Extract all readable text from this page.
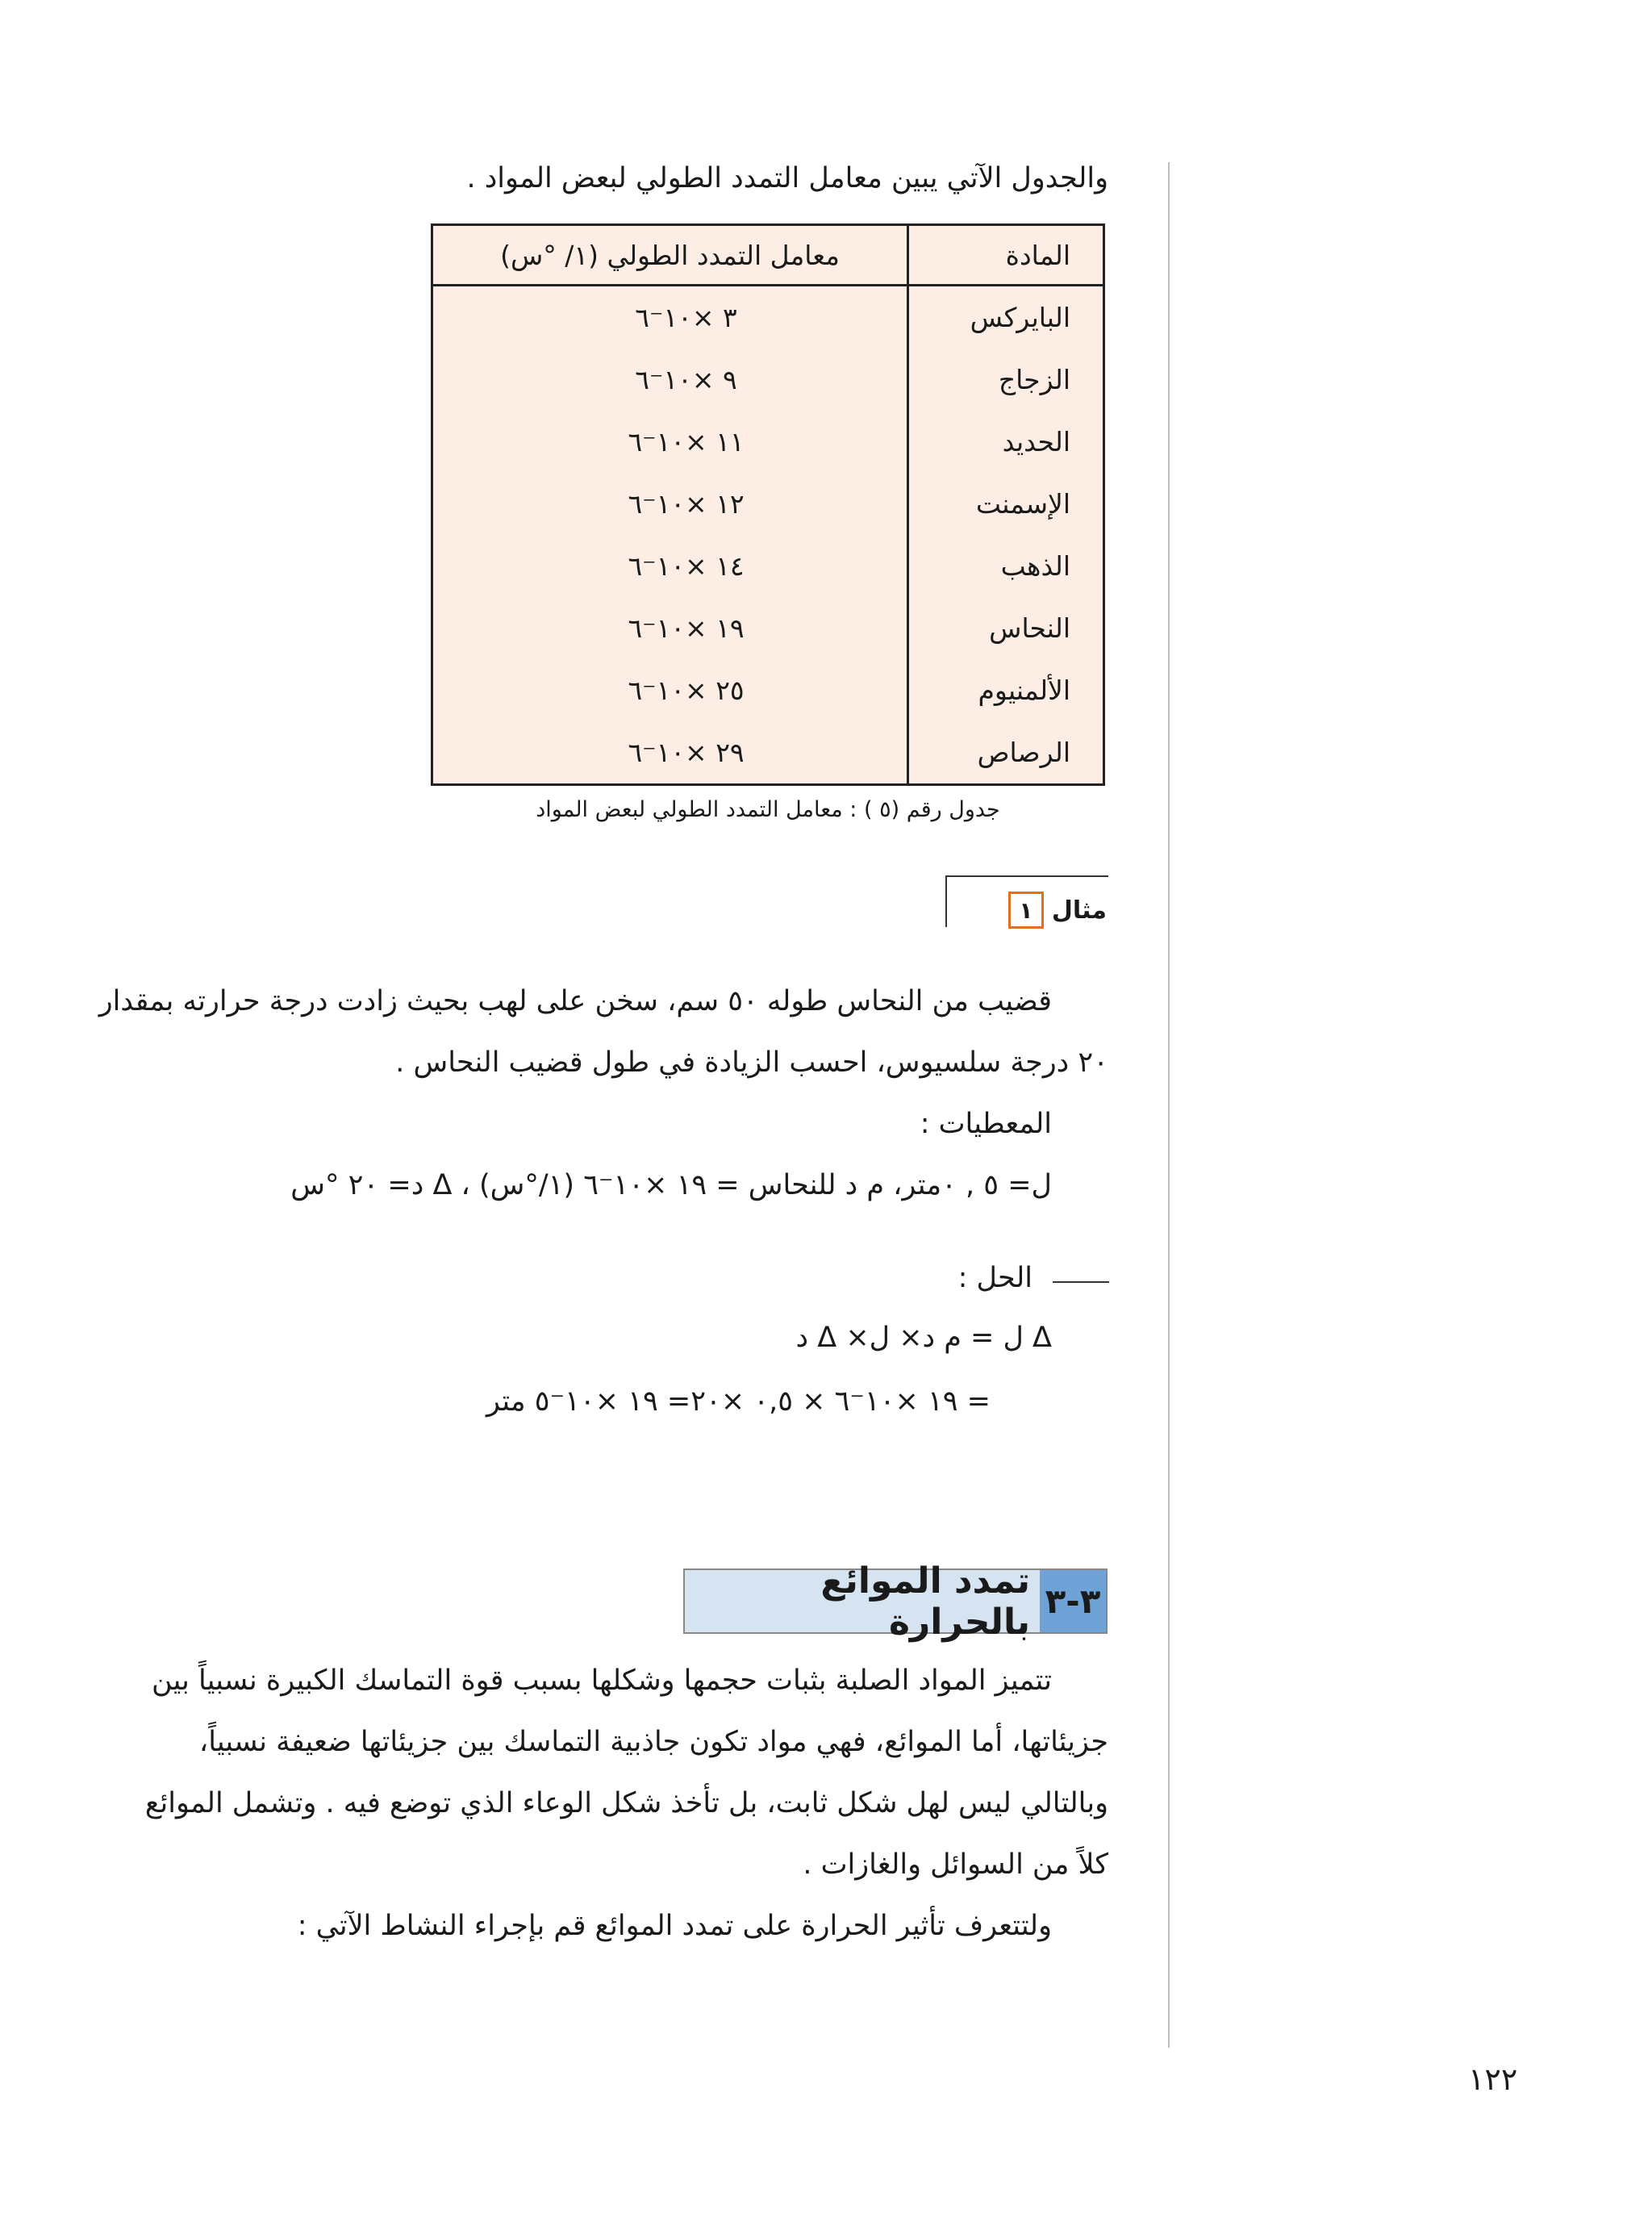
والجدول الآتي يبين معامل التمدد الطولي لبعض المواد .
المادة	معامل التمدد الطولي (١/ °س)
البايركس	٣ ×١٠⁻٦
الزجاج	٩ ×١٠⁻٦
الحديد	١١ ×١٠⁻٦
الإسمنت	١٢ ×١٠⁻٦
الذهب	١٤ ×١٠⁻٦
النحاس	١٩ ×١٠⁻٦
الألمنيوم	٢٥ ×١٠⁻٦
الرصاص	٢٩ ×١٠⁻٦
جدول رقم (٥ ) : معامل التمدد الطولي لبعض المواد
مثال
١
قضيب من النحاس طوله ٥٠ سم، سخن على لهب بحيث زادت درجة حرارته بمقدار
٢٠ درجة سلسيوس، احسب الزيادة في طول قضيب النحاس .
المعطيات :
ل= ٥ , ٠متر، م د للنحاس = ١٩ ×١٠⁻٦ (١/°س) ، Δ د= ٢٠ °س
الحل :
Δ ل = م د× ل× Δ د
= ١٩ ×١٠⁻٦ × ٠,٥ ×٢٠= ١٩ ×١٠⁻٥ متر
٣-٣
تمدد الموائع بالحرارة
تتميز المواد الصلبة بثبات حجمها وشكلها بسبب قوة التماسك الكبيرة نسبياً بين
جزيئاتها، أما الموائع، فهي مواد تكون جاذبية التماسك بين جزيئاتها ضعيفة نسبياً،
وبالتالي ليس لهل شكل ثابت، بل تأخذ شكل الوعاء الذي توضع فيه . وتشمل الموائع
كلاً من السوائل والغازات .
ولتتعرف تأثير الحرارة على تمدد الموائع قم بإجراء النشاط الآتي :
١٢٢
